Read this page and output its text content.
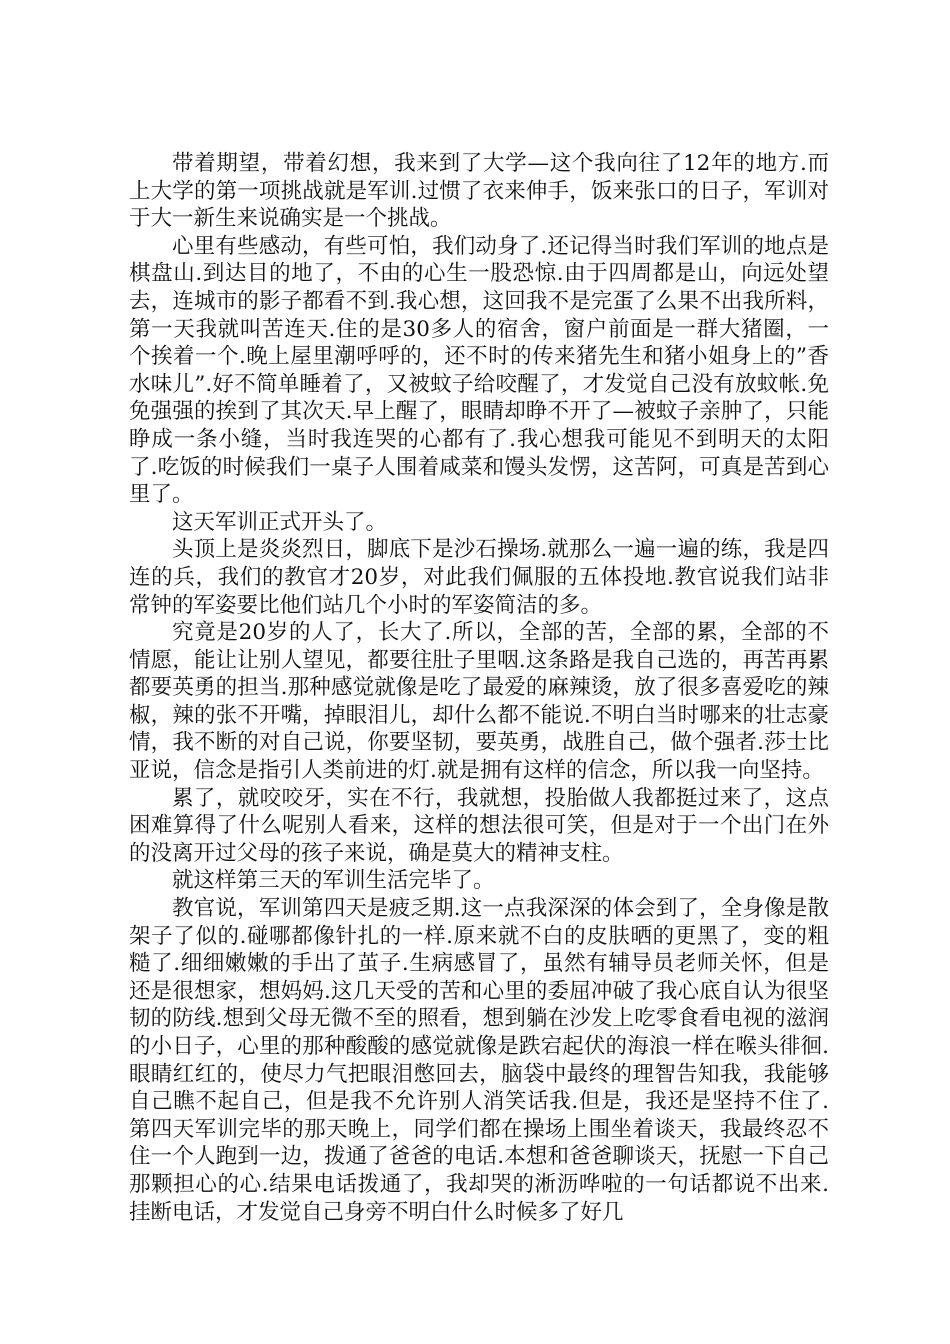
带着期望，带着幻想，我来到了大学—这个我向往了12年的地方.而上大学的第一项挑战就是军训.过惯了衣来伸手，饭来张口的日子，军训对于大一新生来说确实是一个挑战。

心里有些感动，有些可怕，我们动身了.还记得当时我们军训的地点是棋盘山.到达目的地了，不由的心生一股恐惊.由于四周都是山，向远处望去，连城市的影子都看不到.我心想，这回我不是完蛋了么果不出我所料，第一天我就叫苦连天.住的是30多人的宿舍，窗户前面是一群大猪圈，一个挨着一个.晚上屋里潮呼呼的，还不时的传来猪先生和猪小姐身上的”香水味儿”.好不简单睡着了，又被蚊子给咬醒了，才发觉自己没有放蚊帐.免免强强的挨到了其次天.早上醒了，眼睛却睁不开了—被蚊子亲肿了，只能睁成一条小缝，当时我连哭的心都有了.我心想我可能见不到明天的太阳了.吃饭的时候我们一桌子人围着咸菜和馒头发愣，这苦阿，可真是苦到心里了。

这天军训正式开头了。

头顶上是炎炎烈日，脚底下是沙石操场.就那么一遍一遍的练，我是四连的兵，我们的教官才20岁，对此我们佩服的五体投地.教官说我们站非常钟的军姿要比他们站几个小时的军姿简洁的多。

究竟是20岁的人了，长大了.所以，全部的苦，全部的累，全部的不情愿，能让让别人望见，都要往肚子里咽.这条路是我自己选的，再苦再累都要英勇的担当.那种感觉就像是吃了最爱的麻辣烫，放了很多喜爱吃的辣椒，辣的张不开嘴，掉眼泪儿，却什么都不能说.不明白当时哪来的壮志豪情，我不断的对自己说，你要坚韧，要英勇，战胜自己，做个强者.莎士比亚说，信念是指引人类前进的灯.就是拥有这样的信念，所以我一向坚持。

累了，就咬咬牙，实在不行，我就想，投胎做人我都挺过来了，这点困难算得了什么呢别人看来，这样的想法很可笑，但是对于一个出门在外的没离开过父母的孩子来说，确是莫大的精神支柱。

就这样第三天的军训生活完毕了。

教官说，军训第四天是疲乏期.这一点我深深的体会到了，全身像是散架子了似的.碰哪都像针扎的一样.原来就不白的皮肤晒的更黑了，变的粗糙了.细细嫩嫩的手出了茧子.生病感冒了，虽然有辅导员老师关怀，但是还是很想家，想妈妈.这几天受的苦和心里的委屈冲破了我心底自认为很坚韧的防线.想到父母无微不至的照看，想到躺在沙发上吃零食看电视的滋润的小日子，心里的那种酸酸的感觉就像是跌宕起伏的海浪一样在喉头徘徊.眼睛红红的，使尽力气把眼泪憋回去，脑袋中最终的理智告知我，我能够自己瞧不起自己，但是我不允许别人消笑话我.但是，我还是坚持不住了.第四天军训完毕的那天晚上，同学们都在操场上围坐着谈天，我最终忍不住一个人跑到一边，拨通了爸爸的电话.本想和爸爸聊谈天，抚慰一下自己那颗担心的心.结果电话拨通了，我却哭的淅沥哗啦的一句话都说不出来.挂断电话，才发觉自己身旁不明白什么时候多了好几
